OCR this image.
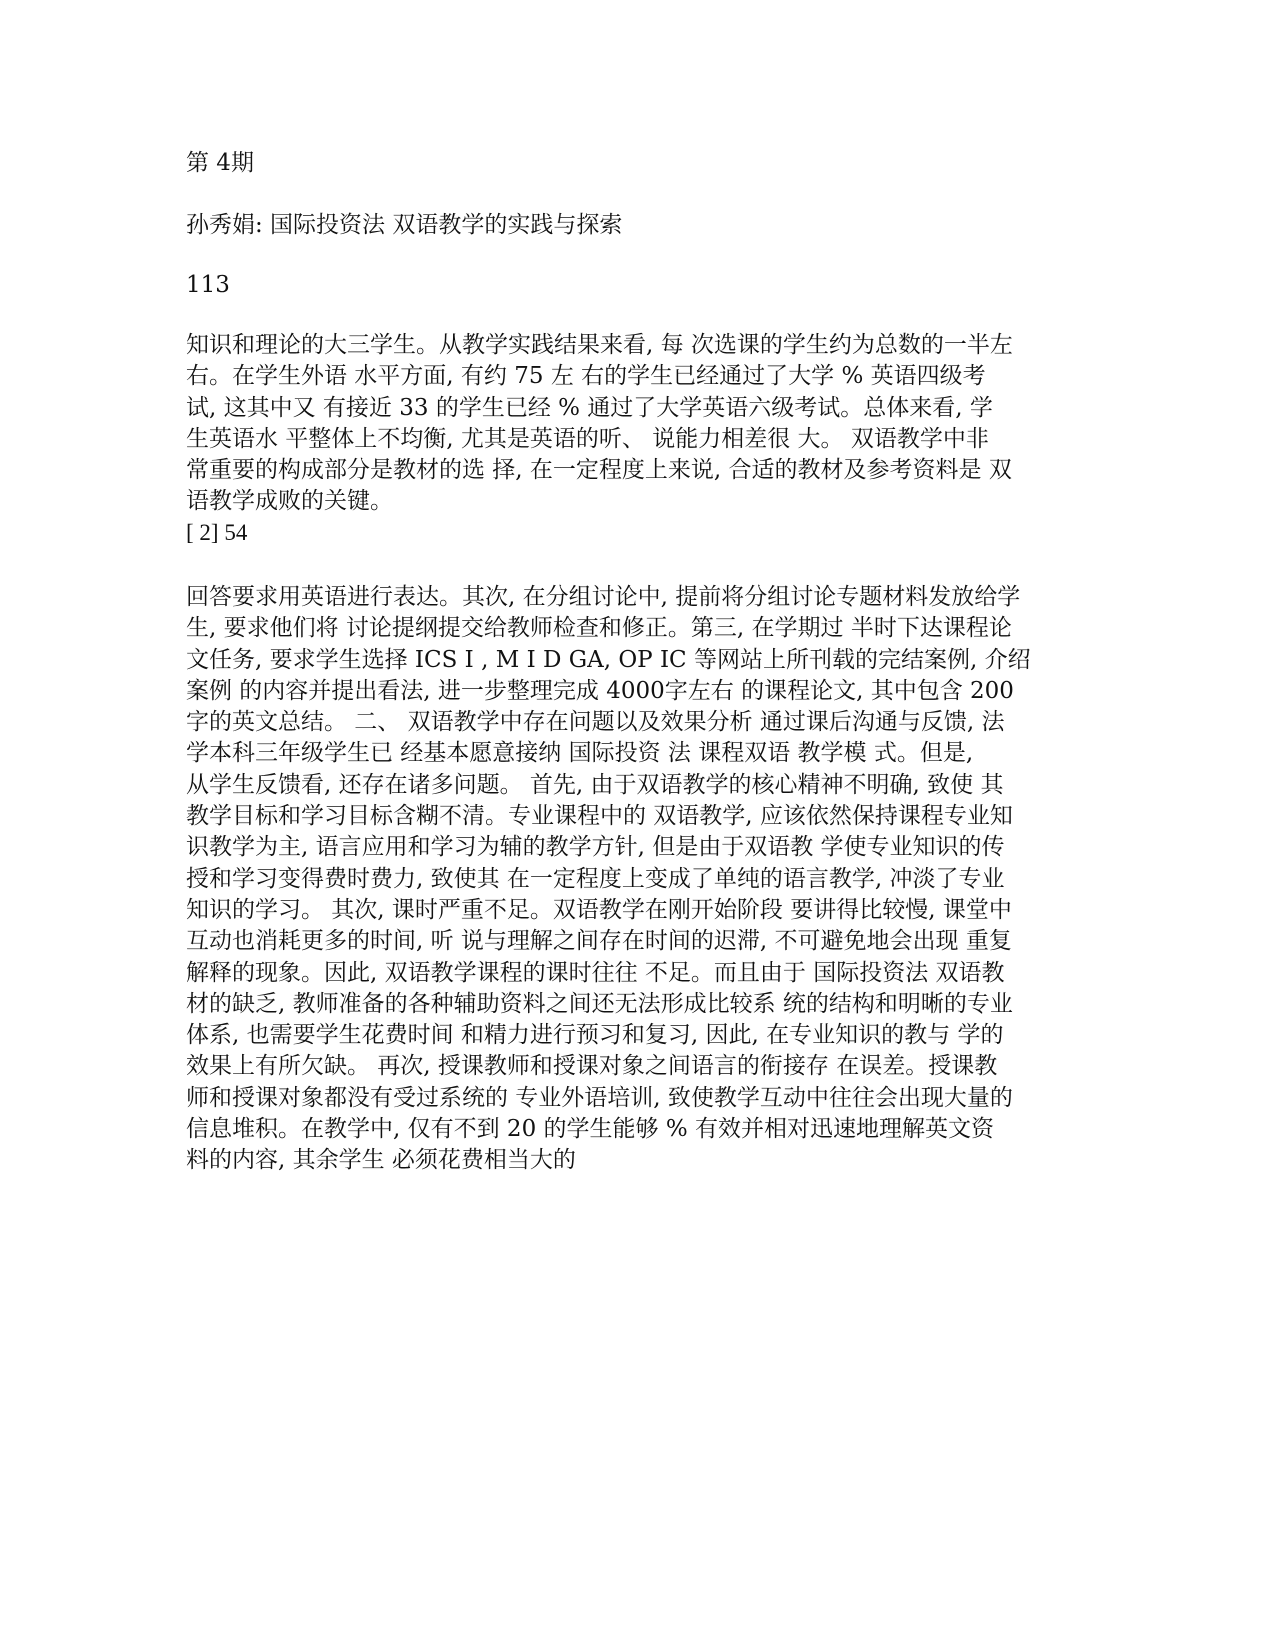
第 4期
孙秀娟: 国际投资法 双语教学的实践与探索
113
知识和理论的大三学生。从教学实践结果来看, 每 次选课的学生约为总数的一半左
右。在学生外语 水平方面, 有约 75 左 右的学生已经通过了大学 % 英语四级考
试, 这其中又 有接近 33 的学生已经 % 通过了大学英语六级考试。总体来看, 学
生英语水 平整体上不均衡, 尤其是英语的听、 说能力相差很 大。 双语教学中非
常重要的构成部分是教材的选 择, 在一定程度上来说, 合适的教材及参考资料是 双
语教学成败的关键。
[ 2] 54
回答要求用英语进行表达。其次, 在分组讨论中, 提前将分组讨论专题材料发放给学
生, 要求他们将 讨论提纲提交给教师检查和修正。第三, 在学期过 半时下达课程论
文任务, 要求学生选择 ICS I , M I D GA, OP IC 等网站上所刊载的完结案例, 介绍
案例 的内容并提出看法, 进一步整理完成 4000字左右 的课程论文, 其中包含 200
字的英文总结。 二、 双语教学中存在问题以及效果分析 通过课后沟通与反馈, 法
学本科三年级学生已 经基本愿意接纳 国际投资 法 课程双语 教学模 式。但是,
从学生反馈看, 还存在诸多问题。 首先, 由于双语教学的核心精神不明确, 致使 其
教学目标和学习目标含糊不清。专业课程中的 双语教学, 应该依然保持课程专业知
识教学为主, 语言应用和学习为辅的教学方针, 但是由于双语教 学使专业知识的传
授和学习变得费时费力, 致使其 在一定程度上变成了单纯的语言教学, 冲淡了专业
知识的学习。 其次, 课时严重不足。双语教学在刚开始阶段 要讲得比较慢, 课堂中
互动也消耗更多的时间, 听 说与理解之间存在时间的迟滞, 不可避免地会出现 重复
解释的现象。因此, 双语教学课程的课时往往 不足。而且由于 国际投资法 双语教
材的缺乏, 教师准备的各种辅助资料之间还无法形成比较系 统的结构和明晰的专业
体系, 也需要学生花费时间 和精力进行预习和复习, 因此, 在专业知识的教与 学的
效果上有所欠缺。 再次, 授课教师和授课对象之间语言的衔接存 在误差。授课教
师和授课对象都没有受过系统的 专业外语培训, 致使教学互动中往往会出现大量的
信息堆积。在教学中, 仅有不到 20 的学生能够 % 有效并相对迅速地理解英文资
料的内容, 其余学生 必须花费相当大的
